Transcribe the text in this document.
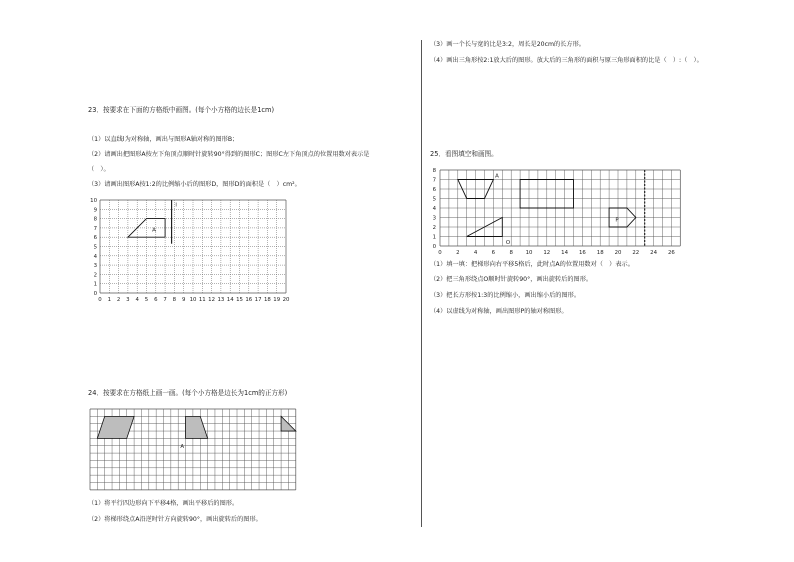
（3）画一个长与宽的比是3:2，周长是20cm的长方形。
（4）画出三角形按2:1放大后的图形。放大后的三角形的面积与原三角形面积的比是（　）:（　）。
23．按要求在下面的方格纸中画图。(每个小方格的边长是1cm)
（1）以直线l为对称轴，画出与图形A轴对称的图形B；
（2）请画出把图形A按左下角顶点顺时针旋转90°得到的图形C；图形C左下角顶点的位置用数对表示是
（　）。
（3）请画出图形A按1:2的比例缩小后的图形D，图形D的面积是（　）cm²。
0 1 2 3 4 5 6 7 8 9 10 11 12 13 14 15 16 17 18 19 20
10
9
8
7
6
5
4
3
2
1
0
A
l
24．按要求在方格纸上画一画。(每个小方格是边长为1cm的正方形)
A
（1）将平行四边形向下平移4格，画出平移后的图形。
（2）将梯形绕点A沿逆时针方向旋转90°，画出旋转后的图形。
25．看图填空和画图。
0	2	4	6	8 10 12 14 16 18 20 22 24 26
8
7
6
5
4
3
2
1
0
A
O
P
（1）填一填：把梯形向右平移5格后，此时点A的位置用数对（　）表示。
（2）把三角形绕点O顺时针旋转90°，画出旋转后的图形。
（3）把长方形按1:3的比例缩小，画出缩小后的图形。
（4）以虚线为对称轴，画出图形P的轴对称图形。
